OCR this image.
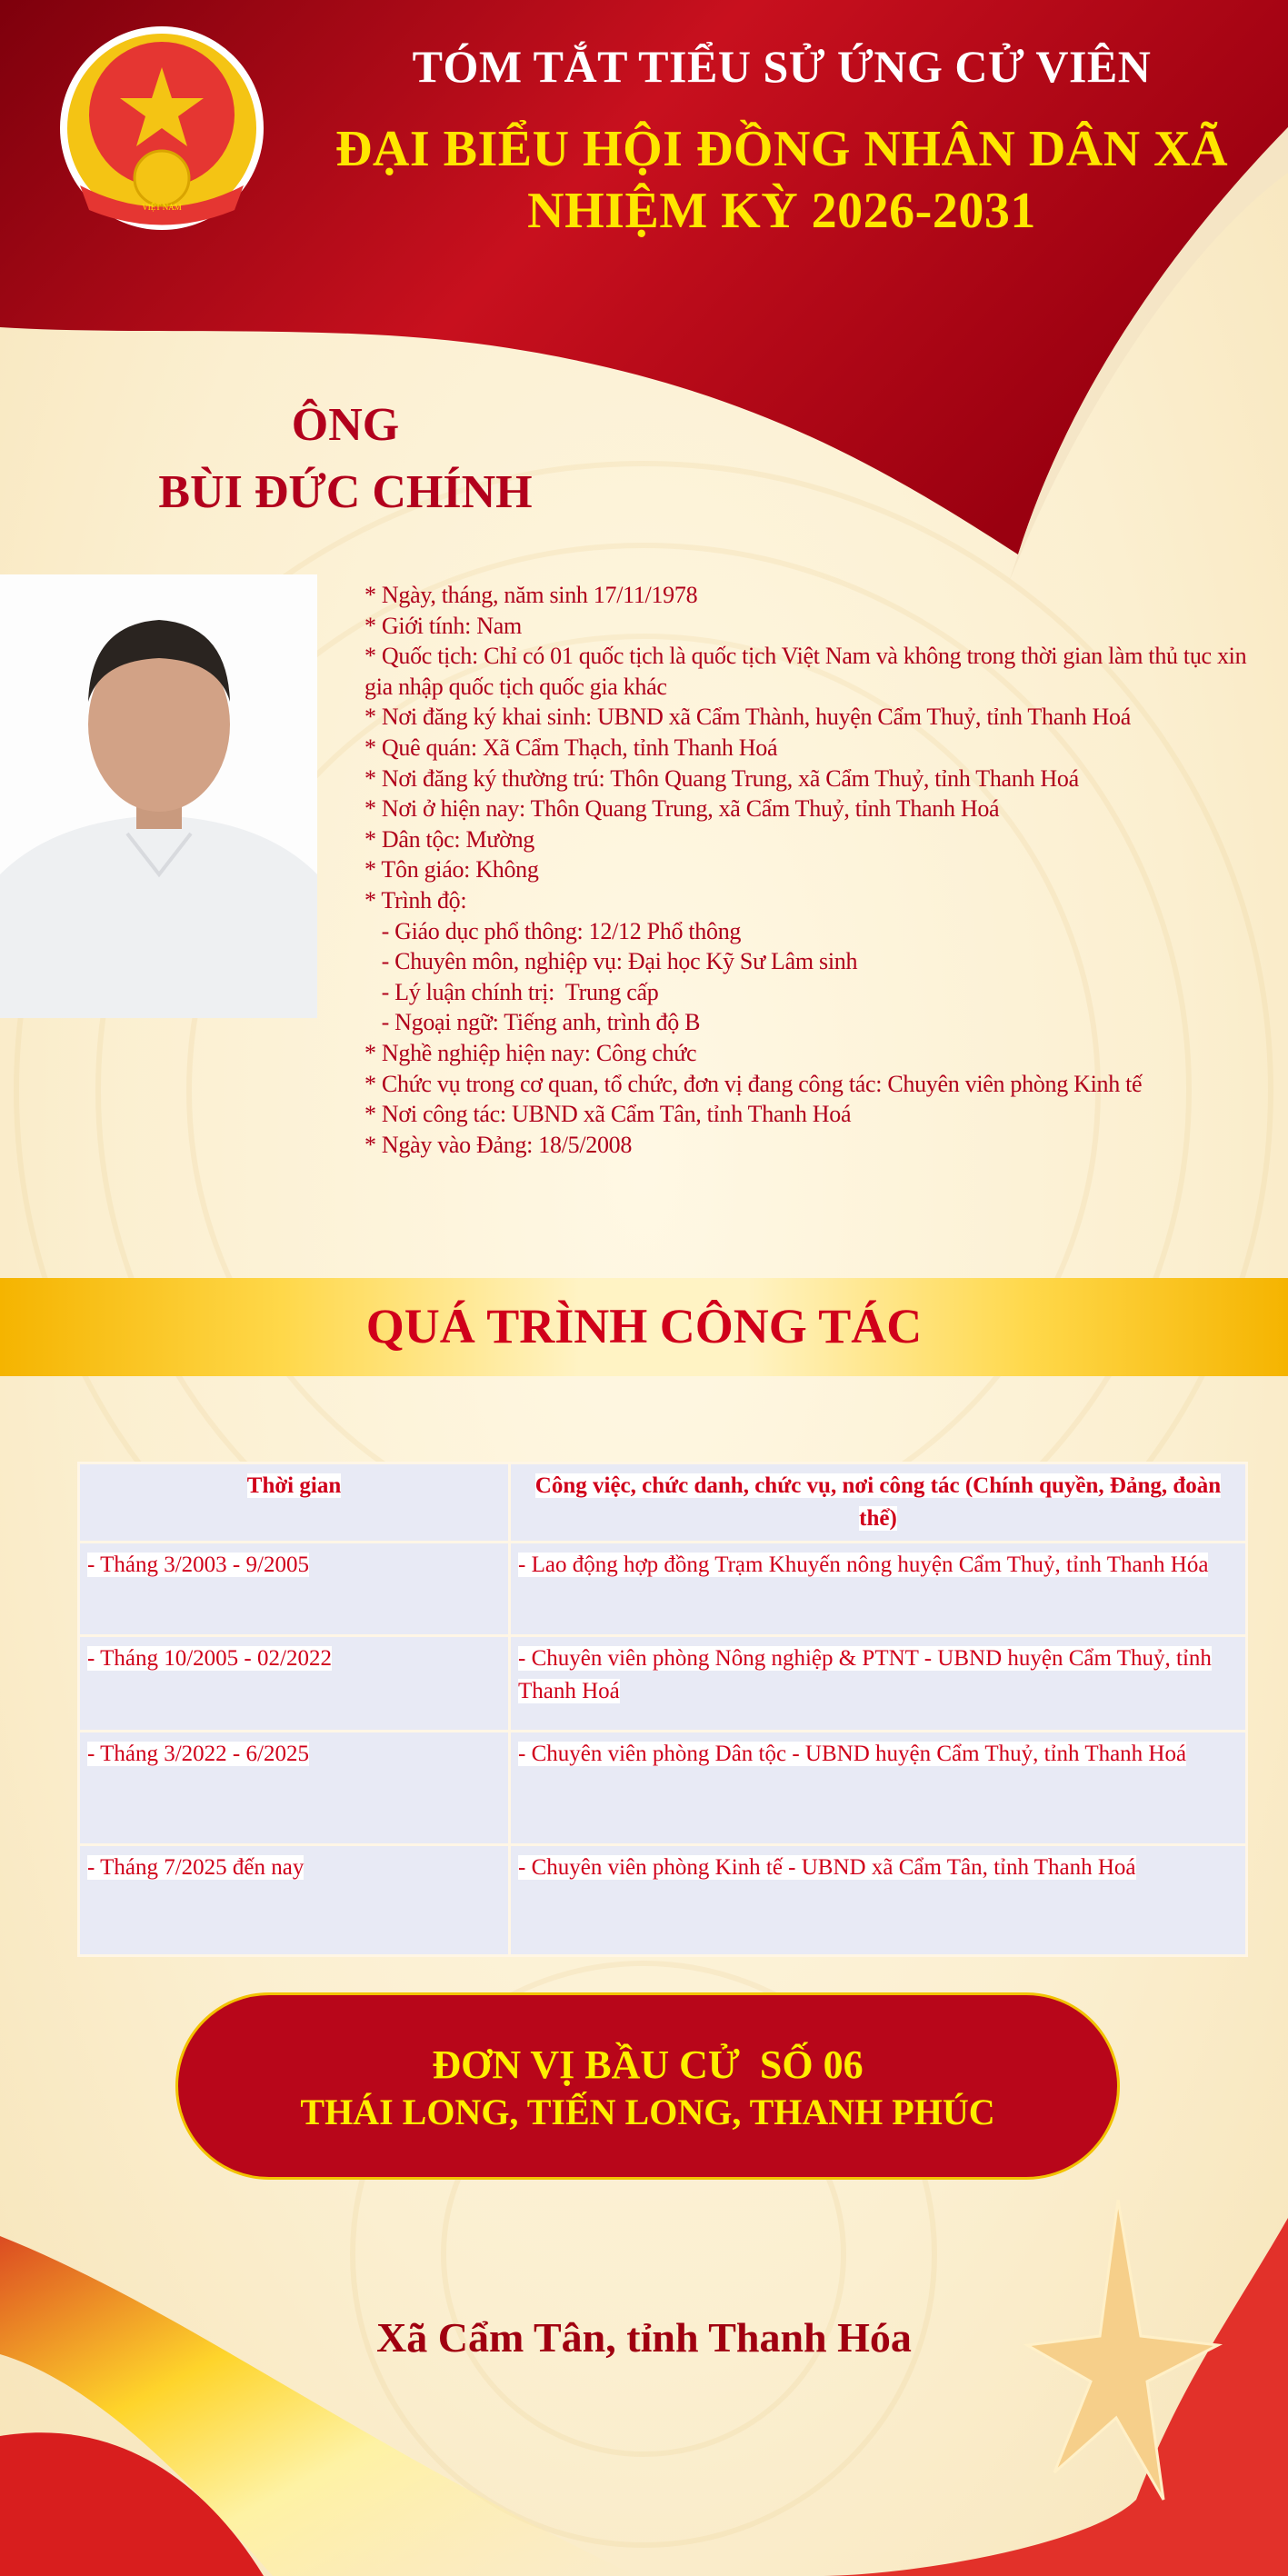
VIỆT NAM
TÓM TẮT TIỂU SỬ ỨNG CỬ VIÊN
ĐẠI BIỂU HỘI ĐỒNG NHÂN DÂN XÃ
NHIỆM KỲ 2026-2031
ÔNG
BÙI ĐỨC CHÍNH
* Ngày, tháng, năm sinh 17/11/1978
* Giới tính: Nam
* Quốc tịch: Chỉ có 01 quốc tịch là quốc tịch Việt Nam và không trong thời gian làm thủ tục xin gia nhập quốc tịch quốc gia khác
* Nơi đăng ký khai sinh: UBND xã Cẩm Thành, huyện Cẩm Thuỷ, tỉnh Thanh Hoá
* Quê quán: Xã Cẩm Thạch, tỉnh Thanh Hoá
* Nơi đăng ký thường trú: Thôn Quang Trung, xã Cẩm Thuỷ, tỉnh Thanh Hoá
* Nơi ở hiện nay: Thôn Quang Trung, xã Cẩm Thuỷ, tỉnh Thanh Hoá
* Dân tộc: Mường
* Tôn giáo: Không
* Trình độ:
- Giáo dục phổ thông: 12/12 Phổ thông
- Chuyên môn, nghiệp vụ: Đại học Kỹ Sư Lâm sinh
- Lý luận chính trị:  Trung cấp
- Ngoại ngữ: Tiếng anh, trình độ B
* Nghề nghiệp hiện nay: Công chức
* Chức vụ trong cơ quan, tổ chức, đơn vị đang công tác: Chuyên viên phòng Kinh tế
* Nơi công tác: UBND xã Cẩm Tân, tỉnh Thanh Hoá
* Ngày vào Đảng: 18/5/2008
QUÁ TRÌNH CÔNG TÁC
Thời gian	Công việc, chức danh, chức vụ, nơi công tác (Chính quyền, Đảng, đoàn thể)
- Tháng 3/2003 - 9/2005	- Lao động hợp đồng Trạm Khuyến nông huyện Cẩm Thuỷ, tỉnh Thanh Hóa
- Tháng 10/2005 - 02/2022	- Chuyên viên phòng Nông nghiệp & PTNT - UBND huyện Cẩm Thuỷ, tỉnh Thanh Hoá
- Tháng 3/2022 - 6/2025	- Chuyên viên phòng Dân tộc - UBND huyện Cẩm Thuỷ, tỉnh Thanh Hoá
- Tháng 7/2025 đến nay	- Chuyên viên phòng Kinh tế - UBND xã Cẩm Tân, tỉnh Thanh Hoá
ĐƠN VỊ BẦU CỬ  SỐ 06
THÁI LONG, TIẾN LONG, THANH PHÚC
Xã Cẩm Tân, tỉnh Thanh Hóa
